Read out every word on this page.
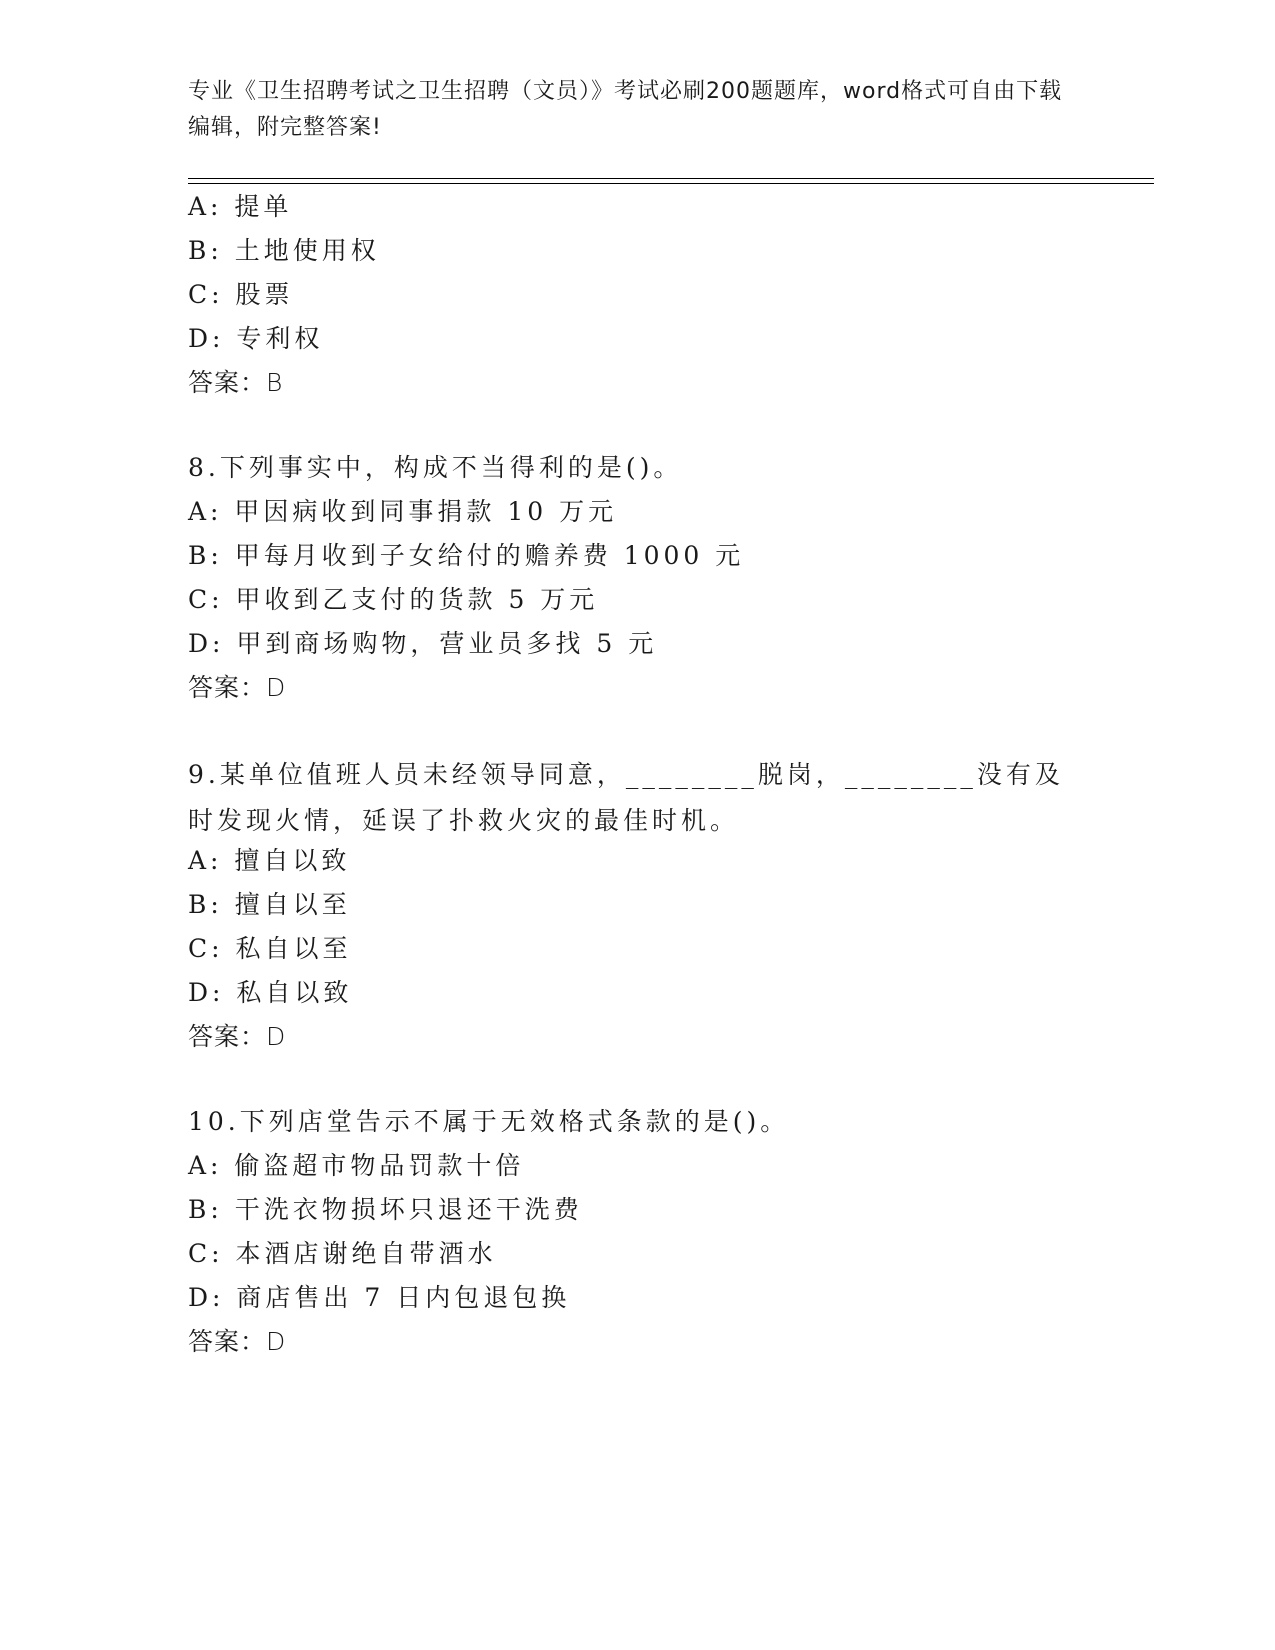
专业《卫生招聘考试之卫生招聘（文员）》考试必刷200题题库，word格式可自由下载编辑，附完整答案!
A: 提单
B: 土地使用权
C: 股票
D: 专利权
答案：B
8.下列事实中，构成不当得利的是()。
A: 甲因病收到同事捐款 10 万元
B: 甲每月收到子女给付的赡养费 1000 元
C: 甲收到乙支付的货款 5 万元
D: 甲到商场购物，营业员多找 5 元
答案：D
9.某单位值班人员未经领导同意，________脱岗，________没有及时发现火情，延误了扑救火灾的最佳时机。
A: 擅自以致
B: 擅自以至
C: 私自以至
D: 私自以致
答案：D
10.下列店堂告示不属于无效格式条款的是()。
A: 偷盗超市物品罚款十倍
B: 干洗衣物损坏只退还干洗费
C: 本酒店谢绝自带酒水
D: 商店售出 7 日内包退包换
答案：D
